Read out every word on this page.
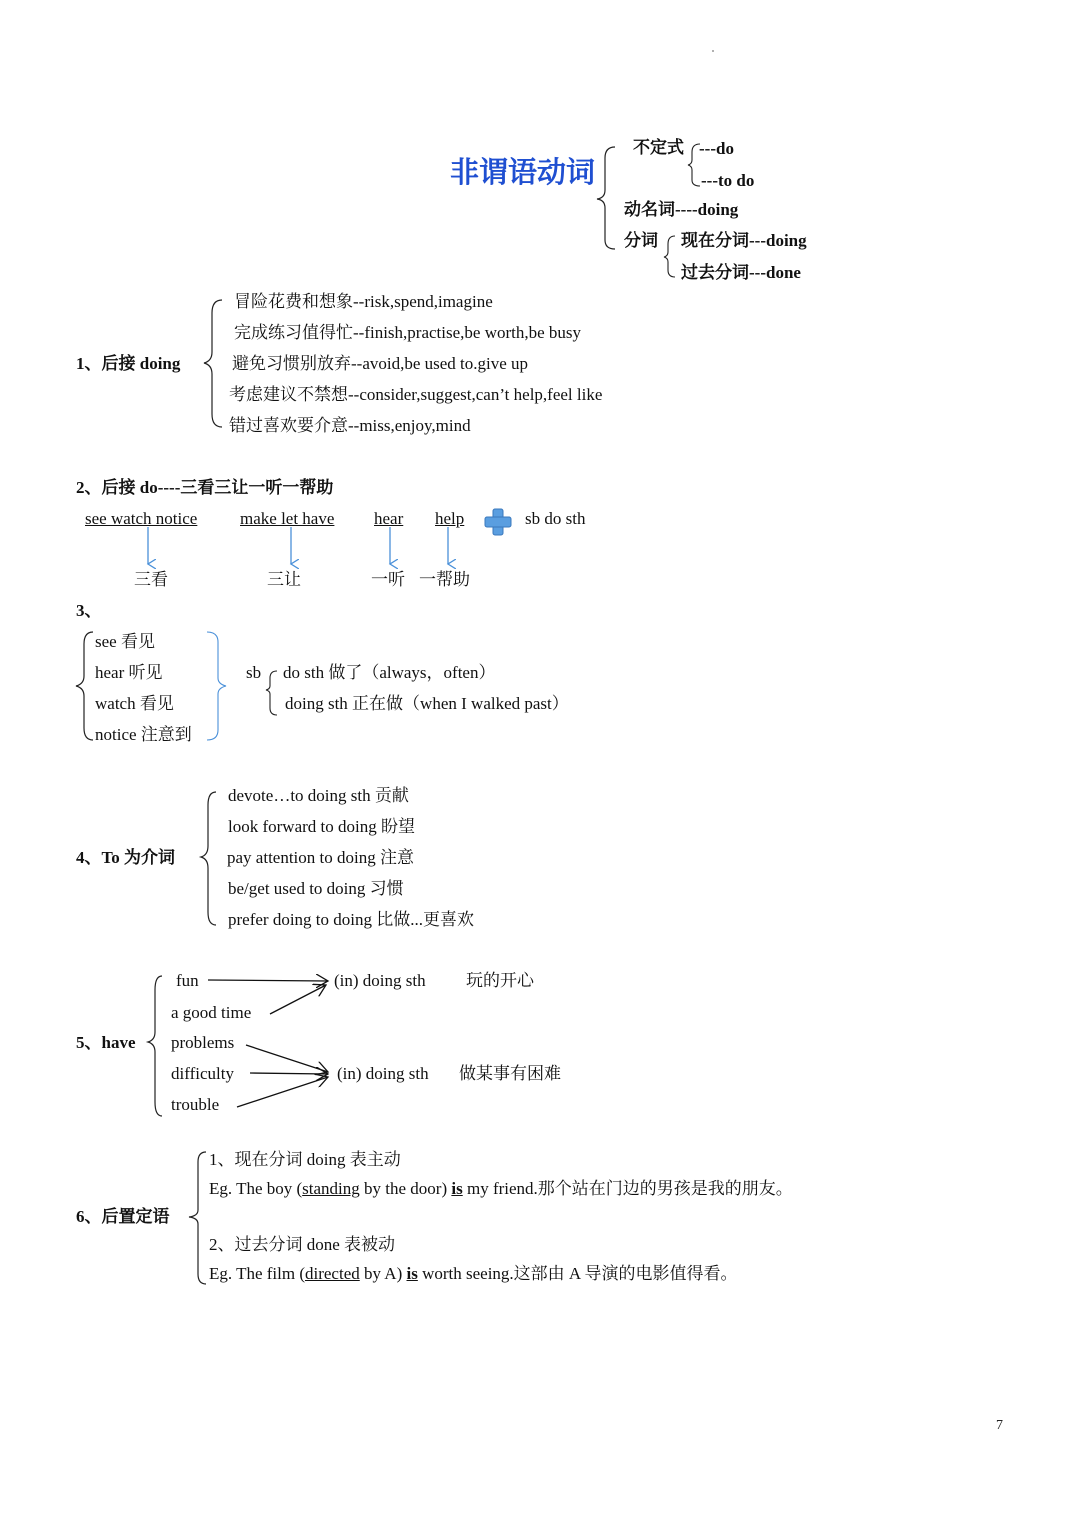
非谓语动词
不定式 ---do
---to do
动名词----doing
分词 现在分词---doing
过去分词---done
1、后接 doing
冒险花费和想象--risk,spend,imagine
完成练习值得忙--finish,practise,be worth,be busy
避免习惯别放弃--avoid,be used to.give up
考虑建议不禁想--consider,suggest,can’t help,feel like
错过喜欢要介意--miss,enjoy,mind
2、后接 do----三看三让一听一帮助
see watch notice	make let have hear help	sb do sth
三看	三让	一听 一帮助
3、
see 看见
hear 听见
watch 看见
notice 注意到
sb do sth 做了（always，often）
doing sth 正在做（when I walked past）
4、To 为介词
devote…to doing sth 贡献
look forward to doing 盼望
pay attention to doing 注意
be/get used to doing 习惯
prefer doing to doing 比做...更喜欢
5、have
fun
a good time
problems
difficulty
trouble
(in) doing sth 玩的开心
(in) doing sth 做某事有困难
6、后置定语
1、现在分词 doing 表主动
Eg. The boy (standing by the door) is my friend.那个站在门边的男孩是我的朋友。
2、过去分词 done 表被动
Eg. The film (directed by A) is worth seeing.这部由 A 导演的电影值得看。
7
